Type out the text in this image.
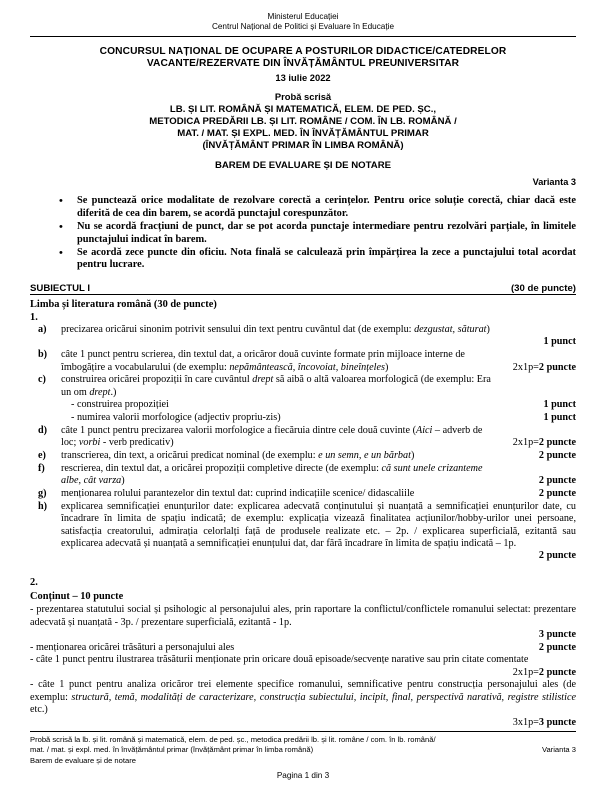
Ministerul Educației
Centrul Național de Politici și Evaluare în Educație
CONCURSUL NAȚIONAL DE OCUPARE A POSTURILOR DIDACTICE/CATEDRELOR
VACANTE/REZERVATE DIN ÎNVĂȚĂMÂNTUL PREUNIVERSITAR
13 iulie 2022
Probă scrisă
LB. ȘI LIT. ROMÂNĂ ȘI MATEMATICĂ, ELEM. DE PED. ȘC.,
METODICA PREDĂRII LB. ȘI LIT. ROMÂNE / COM. ÎN LB. ROMÂNĂ /
MAT. / MAT. ȘI EXPL. MED. ÎN ÎNVĂȚĂMÂNTUL PRIMAR
(ÎNVĂȚĂMÂNT PRIMAR ÎN LIMBA ROMÂNĂ)
BAREM DE EVALUARE ȘI DE NOTARE
Varianta 3
• Se punctează orice modalitate de rezolvare corectă a cerințelor. Pentru orice soluție corectă, chiar dacă este diferită de cea din barem, se acordă punctajul corespunzător.
• Nu se acordă fracțiuni de punct, dar se pot acorda punctaje intermediare pentru rezolvări parțiale, în limitele punctajului indicat în barem.
• Se acordă zece puncte din oficiu. Nota finală se calculează prin împărțirea la zece a punctajului total acordat pentru lucrare.
SUBIECTUL I	(30 de puncte)
Limba și literatura română (30 de puncte)
1.
a) precizarea oricărui sinonim potrivit sensului din text pentru cuvântul dat (de exemplu: dezgustat, săturat)
1 punct
b) câte 1 punct pentru scrierea, din textul dat, a oricăror două cuvinte formate prin mijloace interne de
îmbogățire a vocabularului (de exemplu: nepământească, încovoiat, bineînțeles)	2x1p=2 puncte
c) construirea oricărei propoziții în care cuvântul drept să aibă o altă valoarea morfologică (de exemplu: Era
un om drept.)
- construirea propoziției	1 punct
- numirea valorii morfologice (adjectiv propriu-zis)	1 punct
d) câte 1 punct pentru precizarea valorii morfologice a fiecăruia dintre cele două cuvinte (Aici – adverb de
loc; vorbi - verb predicativ)	2x1p=2 puncte
e) transcrierea, din text, a oricărui predicat nominal (de exemplu: e un semn, e un bărbat)	2 puncte
f) rescrierea, din textul dat, a oricărei propoziții completive directe (de exemplu: că sunt unele crizanteme
albe, cât varza)	2 puncte
g) menționarea rolului parantezelor din textul dat: cuprind indicațiile scenice/ didascaliile	2 puncte
h) explicarea semnificației enunțurilor date: explicarea adecvată conținutului și nuanțată a semnificației enunțurilor date, cu încadrare în limita de spațiu indicată; de exemplu: explicația vizează finalitatea acțiunilor/hobby-urilor unei persoane, satisfacția creatorului, admirația celorlalți față de produsele realizate etc. – 2p. / explicarea superficială, ezitantă sau explicarea adecvată și nuanțată a semnificației enunțului dat, dar fără încadrare în limita de spațiu indicată – 1p.
2 puncte
2.
Conținut – 10 puncte
- prezentarea statutului social și psihologic al personajului ales, prin raportare la conflictul/conflictele romanului selectat: prezentare adecvată și nuanțată - 3p. / prezentare superficială, ezitantă - 1p.
3 puncte
- menționarea oricărei trăsături a personajului ales	2 puncte
- câte 1 punct pentru ilustrarea trăsăturii menționate prin oricare două episoade/secvențe narative sau prin citate comentate
2x1p=2 puncte
- câte 1 punct pentru analiza oricăror trei elemente specifice romanului, semnificative pentru construcția personajului ales (de exemplu: structură, temă, modalități de caracterizare, construcția subiectului, incipit, final, perspectivă narativă, registre stilistice etc.)
3x1p=3 puncte
Probă scrisă la lb. și lit. română și matematică, elem. de ped. șc., metodica predării lb. și lit. române / com. în lb. română/
mat. / mat. și expl. med. în învățământul primar (învățământ primar în limba română)	Varianta 3
Barem de evaluare și de notare
Pagina 1 din 3
